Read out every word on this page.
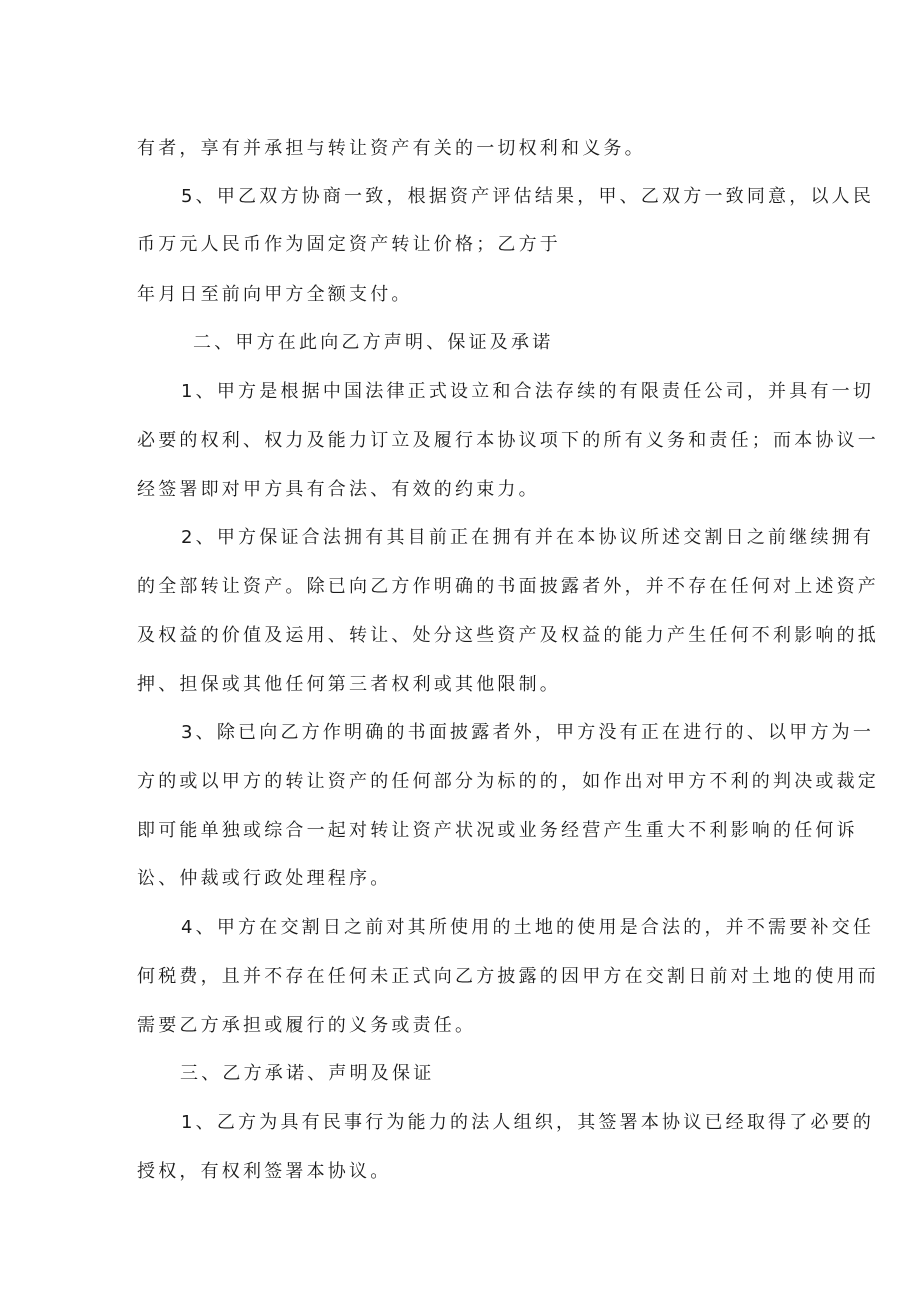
有者，享有并承担与转让资产有关的一切权利和义务。
5、甲乙双方协商一致，根据资产评估结果，甲、乙双方一致同意，以人民
币万元人民币作为固定资产转让价格；乙方于
年月日至前向甲方全额支付。
二、甲方在此向乙方声明、保证及承诺
1、甲方是根据中国法律正式设立和合法存续的有限责任公司，并具有一切
必要的权利、权力及能力订立及履行本协议项下的所有义务和责任；而本协议一
经签署即对甲方具有合法、有效的约束力。
2、甲方保证合法拥有其目前正在拥有并在本协议所述交割日之前继续拥有
的全部转让资产。除已向乙方作明确的书面披露者外，并不存在任何对上述资产
及权益的价值及运用、转让、处分这些资产及权益的能力产生任何不利影响的抵
押、担保或其他任何第三者权利或其他限制。
3、除已向乙方作明确的书面披露者外，甲方没有正在进行的、以甲方为一
方的或以甲方的转让资产的任何部分为标的的，如作出对甲方不利的判决或裁定
即可能单独或综合一起对转让资产状况或业务经营产生重大不利影响的任何诉
讼、仲裁或行政处理程序。
4、甲方在交割日之前对其所使用的土地的使用是合法的，并不需要补交任
何税费，且并不存在任何未正式向乙方披露的因甲方在交割日前对土地的使用而
需要乙方承担或履行的义务或责任。
三、乙方承诺、声明及保证
1、乙方为具有民事行为能力的法人组织，其签署本协议已经取得了必要的
授权，有权利签署本协议。
